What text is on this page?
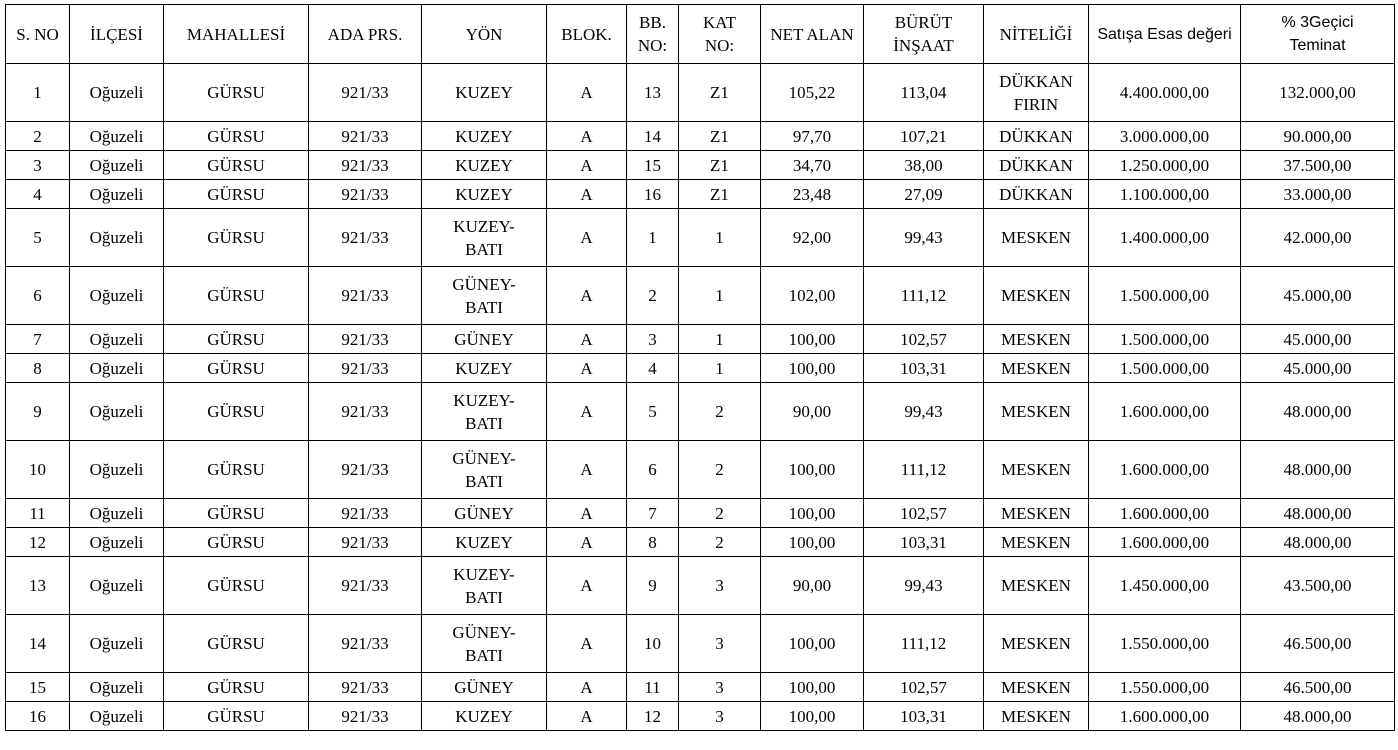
S. NO	İLÇESİ	MAHALLESİ	ADA PRS.	YÖN	BLOK.	BB.
NO:	KAT
NO:	NET ALAN	BÜRÜT
İNŞAAT	NİTELİĞİ	Satışa Esas değeri	% 3Geçici
Teminat

1	Oğuzeli	GÜRSU	921/33	KUZEY	A	13	Z1	105,22	113,04	DÜKKAN
FIRIN	4.400.000,00	132.000,00
2	Oğuzeli	GÜRSU	921/33	KUZEY	A	14	Z1	97,70	107,21	DÜKKAN	3.000.000,00	90.000,00
3	Oğuzeli	GÜRSU	921/33	KUZEY	A	15	Z1	34,70	38,00	DÜKKAN	1.250.000,00	37.500,00
4	Oğuzeli	GÜRSU	921/33	KUZEY	A	16	Z1	23,48	27,09	DÜKKAN	1.100.000,00	33.000,00
5	Oğuzeli	GÜRSU	921/33	KUZEY-
BATI	A	1	1	92,00	99,43	MESKEN	1.400.000,00	42.000,00
6	Oğuzeli	GÜRSU	921/33	GÜNEY-
BATI	A	2	1	102,00	111,12	MESKEN	1.500.000,00	45.000,00
7	Oğuzeli	GÜRSU	921/33	GÜNEY	A	3	1	100,00	102,57	MESKEN	1.500.000,00	45.000,00
8	Oğuzeli	GÜRSU	921/33	KUZEY	A	4	1	100,00	103,31	MESKEN	1.500.000,00	45.000,00
9	Oğuzeli	GÜRSU	921/33	KUZEY-
BATI	A	5	2	90,00	99,43	MESKEN	1.600.000,00	48.000,00
10	Oğuzeli	GÜRSU	921/33	GÜNEY-
BATI	A	6	2	100,00	111,12	MESKEN	1.600.000,00	48.000,00
11	Oğuzeli	GÜRSU	921/33	GÜNEY	A	7	2	100,00	102,57	MESKEN	1.600.000,00	48.000,00
12	Oğuzeli	GÜRSU	921/33	KUZEY	A	8	2	100,00	103,31	MESKEN	1.600.000,00	48.000,00
13	Oğuzeli	GÜRSU	921/33	KUZEY-
BATI	A	9	3	90,00	99,43	MESKEN	1.450.000,00	43.500,00
14	Oğuzeli	GÜRSU	921/33	GÜNEY-
BATI	A	10	3	100,00	111,12	MESKEN	1.550.000,00	46.500,00
15	Oğuzeli	GÜRSU	921/33	GÜNEY	A	11	3	100,00	102,57	MESKEN	1.550.000,00	46.500,00
16	Oğuzeli	GÜRSU	921/33	KUZEY	A	12	3	100,00	103,31	MESKEN	1.600.000,00	48.000,00
